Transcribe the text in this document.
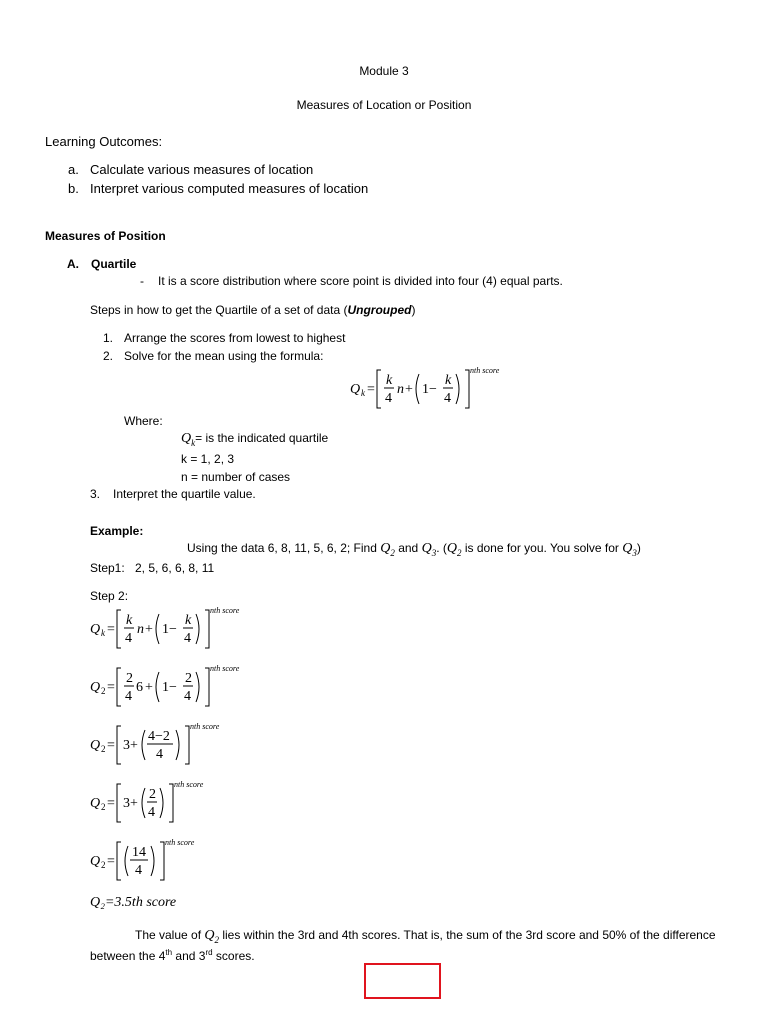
Module 3
Measures of Location or Position
Learning Outcomes:
a. Calculate various measures of location
b. Interpret various computed measures of location
Measures of Position
A. Quartile
- It is a score distribution where score point is divided into four (4) equal parts.
Steps in how to get the Quartile of a set of data (Ungrouped)
1. Arrange the scores from lowest to highest
2. Solve for the mean using the formula:
Q k =
k
4
n + 1−
k
4
nth score
Where:
$Q_k=$ is the indicated quartile
k = 1, 2, 3
n = number of cases
3. Interpret the quartile value.
Example:
Using the data 6, 8, 11, 5, 6, 2; Find $Q_2$ and $Q_3$. ($Q_2$ is done for you. You solve for $Q_3$)
Step1: 2, 5, 6, 6, 8, 11
Step 2:
Q k =
k
4
n + 1−
k
4
nth score
Q 2 =
2
4
6 + 1−
2
4
nth score
Q 2 = 3+
4−2
4
nth score
Q 2 = 3+
2
4
nth score
Q 2 =
14
4
nth score
Q₂=3.5th score
The value of $Q_2$ lies within the 3rd and 4th scores. That is, the sum of the 3rd score and 50% of the difference
between the 4th and 3rd scores.
